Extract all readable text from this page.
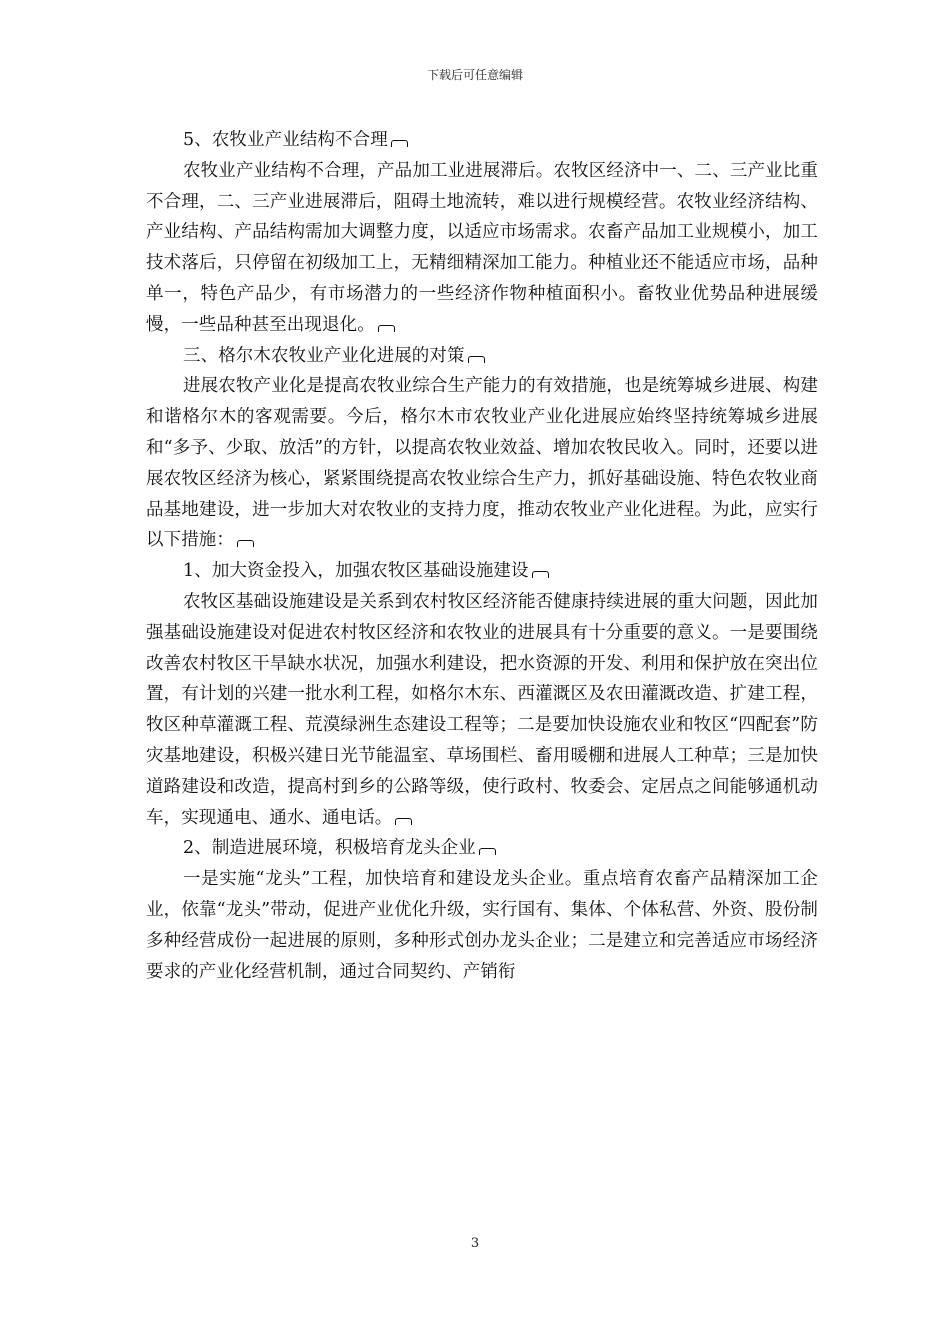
下载后可任意编辑

5、农牧业产业结构不合理

农牧业产业结构不合理，产品加工业进展滞后。农牧区经济中一、二、三产业比重不合理，二、三产业进展滞后，阻碍土地流转，难以进行规模经营。农牧业经济结构、产业结构、产品结构需加大调整力度，以适应市场需求。农畜产品加工业规模小，加工技术落后，只停留在初级加工上，无精细精深加工能力。种植业还不能适应市场，品种单一，特色产品少，有市场潜力的一些经济作物种植面积小。畜牧业优势品种进展缓慢，一些品种甚至出现退化。

三、格尔木农牧业产业化进展的对策

进展农牧产业化是提高农牧业综合生产能力的有效措施，也是统筹城乡进展、构建和谐格尔木的客观需要。今后，格尔木市农牧业产业化进展应始终坚持统筹城乡进展和“多予、少取、放活”的方针，以提高农牧业效益、增加农牧民收入。同时，还要以进展农牧区经济为核心，紧紧围绕提高农牧业综合生产力，抓好基础设施、特色农牧业商品基地建设，进一步加大对农牧业的支持力度，推动农牧业产业化进程。为此，应实行以下措施：

1、加大资金投入，加强农牧区基础设施建设

农牧区基础设施建设是关系到农村牧区经济能否健康持续进展的重大问题，因此加强基础设施建设对促进农村牧区经济和农牧业的进展具有十分重要的意义。一是要围绕改善农村牧区干旱缺水状况，加强水利建设，把水资源的开发、利用和保护放在突出位置，有计划的兴建一批水利工程，如格尔木东、西灌溉区及农田灌溉改造、扩建工程，牧区种草灌溉工程、荒漠绿洲生态建设工程等；二是要加快设施农业和牧区“四配套”防灾基地建设，积极兴建日光节能温室、草场围栏、畜用暖棚和进展人工种草；三是加快道路建设和改造，提高村到乡的公路等级，使行政村、牧委会、定居点之间能够通机动车，实现通电、通水、通电话。

2、制造进展环境，积极培育龙头企业

一是实施“龙头”工程，加快培育和建设龙头企业。重点培育农畜产品精深加工企业，依靠“龙头”带动，促进产业优化升级，实行国有、集体、个体私营、外资、股份制多种经营成份一起进展的原则，多种形式创办龙头企业；二是建立和完善适应市场经济要求的产业化经营机制，通过合同契约、产销衔

3
